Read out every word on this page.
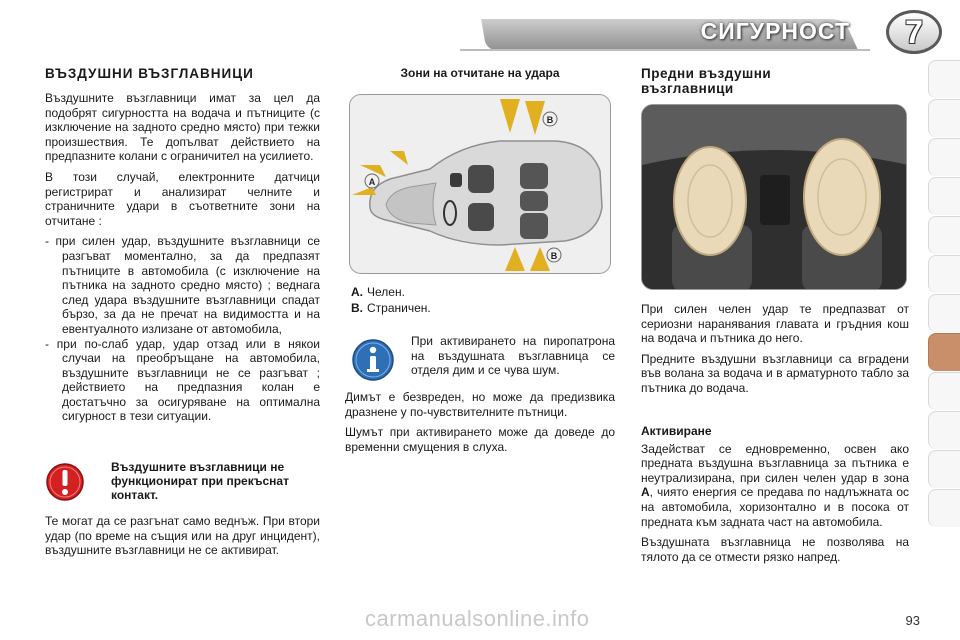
СИГУРНОСТ	7
ВЪЗДУШНИ ВЪЗГЛАВНИЦИ

Въздушните възглавници имат за цел да подобрят сигурността на водача и пътниците (с изключение на задното средно място) при тежки произшествия. Те допълват действието на предпазните колани с ограничител на усилието.

В този случай, електронните датчици регистрират и анализират челните и страничните удари в съответните зони на отчитане :

- при силен удар, въздушните възглавници се разгъват моментално, за да предпазят пътниците в автомобила (с изключение на пътника на задното средно място) ; веднага след удара въздушните възглавници спадат бързо, за да не пречат на видимостта и на евентуалното излизане от автомобила,
- при по-слаб удар, удар отзад или в някои случаи на преобръщане на автомобила, въздушните възглавници не се разгъват ; действието на предпазния колан е достатъчно за осигуряване на оптимална сигурност в тези ситуации.
Въздушните възглавници не функционират при прекъснат контакт.

Те могат да се разгънат само веднъж. При втори удар (по време на същия или на друг инцидент), въздушните възглавници не се активират.

Зони на отчитане на удара
A
B
B
A. Челен.
B. Страничен.
При активирането на пиропатрона на въздушната възглавница се отделя дим и се чува шум.

Димът е безвреден, но може да предизвика дразнене у по-чувствителните пътници.

Шумът при активирането може да доведе до временни смущения в слуха.

Предни въздушни
възглавници

При силен челен удар те предпазват от сериозни наранявания главата и гръдния кош на водача и пътника до него.

Предните въздушни възглавници са вградени във волана за водача и в арматурното табло за пътника до водача.

Активиране

Задействат се едновременно, освен ако предната въздушна възглавница за пътника е неутрализирана, при силен челен удар в зона A, чиято енергия се предава по надлъжната ос на автомобила, хоризонтално и в посока от предната към задната част на автомобила.

Въздушната възглавница не позволява на тялото да се отмести рязко напред.

carmanualsonline.info	93
